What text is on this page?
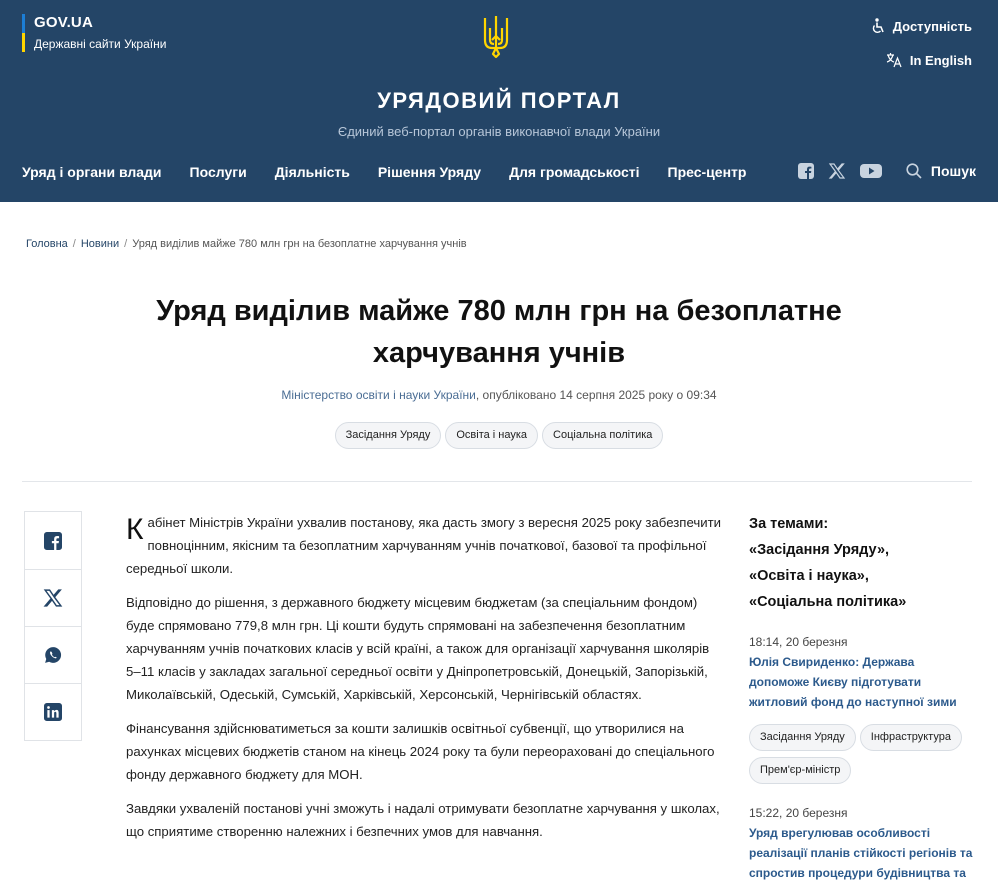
GOV.UA
Державні сайти України
Доступність
In English
УРЯДОВИЙ ПОРТАЛ
Єдиний веб-портал органів виконавчої влади України
Уряд і органи влади Послуги Діяльність Рішення Уряду Для громадськості Прес-центр	Пошук
Головна / Новини / Уряд виділив майже 780 млн грн на безоплатне харчування учнів
Уряд виділив майже 780 млн грн на безоплатне
харчування учнів
Міністерство освіти і науки України, опубліковано 14 серпня 2025 року о 09:34
Засідання Уряду	Освіта і наука	Соціальна політика

Кабінет Міністрів України ухвалив постанову, яка дасть змогу з вересня 2025 року забезпечити повноцінним, якісним та безоплатним харчуванням учнів початкової, базової та профільної середньої школи.

Відповідно до рішення, з державного бюджету місцевим бюджетам (за спеціальним фондом) буде спрямовано 779,8 млн грн. Ці кошти будуть спрямовані на забезпечення безоплатним харчуванням учнів початкових класів у всій країні, а також для організації харчування школярів 5–11 класів у закладах загальної середньої освіти у Дніпропетровській, Донецькій, Запорізькій, Миколаївській, Одеській, Сумській, Харківській, Херсонській, Чернігівській областях.

Фінансування здійснюватиметься за кошти залишків освітньої субвенції, що утворилися на рахунках місцевих бюджетів станом на кінець 2024 року та були переораховані до спеціального фонду державного бюджету для МОН.

Завдяки ухваленій постанові учні зможуть і надалі отримувати безоплатне харчування у школах, що сприятиме створенню належних і безпечних умов для навчання.

За темами:
«Засідання Уряду»,
«Освіта і наука»,
«Соціальна політика»
18:14, 20 березня
Юлія Свириденко: Держава допоможе Києву підготувати житловий фонд до наступної зими
Засідання Уряду	Інфраструктура
Прем'єр-міністр
15:22, 20 березня
Уряд врегулював особливості реалізації планів стійкості регіонів та спростив процедури будівництва та
